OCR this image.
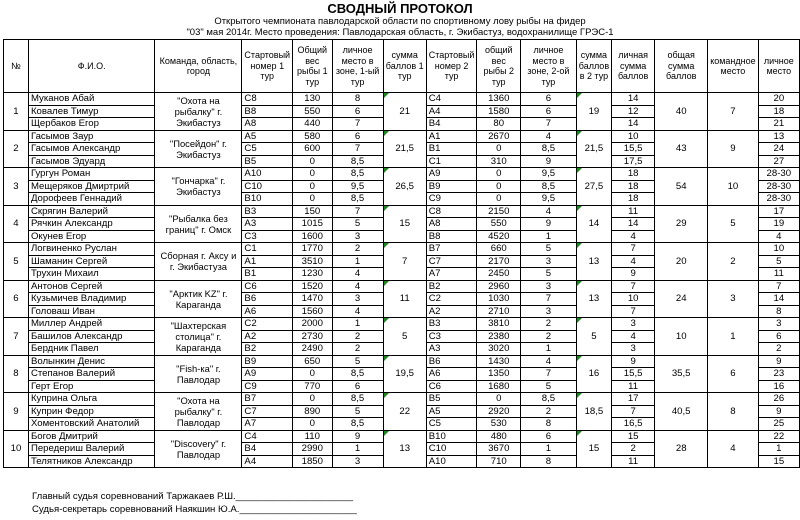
СВОДНЫЙ ПРОТОКОЛ
Открытого чемпионата павлодарской области по спортивному лову рыбы на фидер
"03" мая 2014г. Место проведения: Павлодарская область, г. Экибастуз, водохранилище ГРЭС-1
№	Ф.И.О.	Команда, область, город	Стартовый номер 1 тур	Общий вес рыбы 1 тур	личное место в зоне, 1-ый тур	сумма баллов 1 тур	Стартовый номер 2 тур	общий вес рыбы 2 тур	личное место в зоне, 2-ой тур	сумма баллов в 2 тур	личная сумма баллов	общая сумма баллов	командное место	личное место
1	Муканов Абай	"Охота на рыбалку" г. Экибастуз	С8	130	8	21	С4	1360	6	19	14	40	7	20
	Ковалев Тимур		В8	550	6		А4	1580	6		12			18
	Щербаков Егор		А8	440	7		В4	80	7		14			21
2	Гасымов Заур	"Посейдон" г. Экибастуз	А5	580	6	21,5	А1	2670	4	21,5	10	43	9	13
	Гасымов Александр		С5	600	7		В1	0	8,5		15,5			24
	Гасымов Эдуард		В5	0	8,5		С1	310	9		17,5			27
3	Гургун Роман	"Гончарка" г. Экибастуз	А10	0	8,5	26,5	А9	0	9,5	27,5	18	54	10	28-30
	Мещеряков Дмиртрий		С10	0	9,5		В9	0	8,5		18			28-30
	Дорофеев Геннадий		В10	0	8,5		С9	0	9,5		18			28-30
4	Скрягин Валерий	"Рыбалка без границ" г. Омск	В3	150	7	15	С8	2150	4	14	11	29	5	17
	Рячкин Александр		А3	1015	5		А8	550	9		14			19
	Окунев Егор		С3	1600	3		В8	4520	1		4			4
5	Логвиненко Руслан	Сборная г. Аксу и г. Экибастуза	С1	1770	2	7	В7	660	5	13	7	20	2	10
	Шаманин Сергей		А1	3510	1		С7	2170	3		4			5
	Трухин Михаил		В1	1230	4		А7	2450	5		9			11
6	Антонов Сергей	"Арктик KZ" г. Караганда	С6	1520	4	11	В2	2960	3	13	7	24	3	7
	Кузьмичев Владимир		В6	1470	3		С2	1030	7		10			14
	Головаш Иван		А6	1560	4		А2	2710	3		7			8
7	Миллер Андрей	"Шахтерская столица" г. Караганда	С2	2000	1	5	В3	3810	2	5	3	10	1	3
	Башилов Александр		А2	2730	2		С3	2380	2		4			6
	Бердник Павел		В2	2490	2		А3	3020	1		3			2
8	Волынкин Денис	"Fish-ка" г. Павлодар	В9	650	5	19,5	В6	1430	4	16	9	35,5	6	9
	Степанов Валерий		А9	0	8,5		А6	1350	7		15,5			23
	Герт Егор		С9	770	6		С6	1680	5		11			16
9	Куприна Ольга	"Охота на рыбалку" г. Павлодар	В7	0	8,5	22	В5	0	8,5	18,5	17	40,5	8	26
	Куприн Федор		С7	890	5		А5	2920	2		7			9
	Хоментовский Анатолий		А7	0	8,5		С5	530	8		16,5			25
10	Богов Дмитрий	"Discovery" г. Павлодар	С4	110	9	13	В10	480	6	15	15	28	4	22
	Передериш Валерий		В4	2990	1		С10	3670	1		2			1
	Телятников Александр		А4	1850	3		А10	710	8		11			15
Главный судья соревнований Таржакаев Р.Ш.______________________
Судья-секретарь соревнований Наякшин Ю.А.______________________
